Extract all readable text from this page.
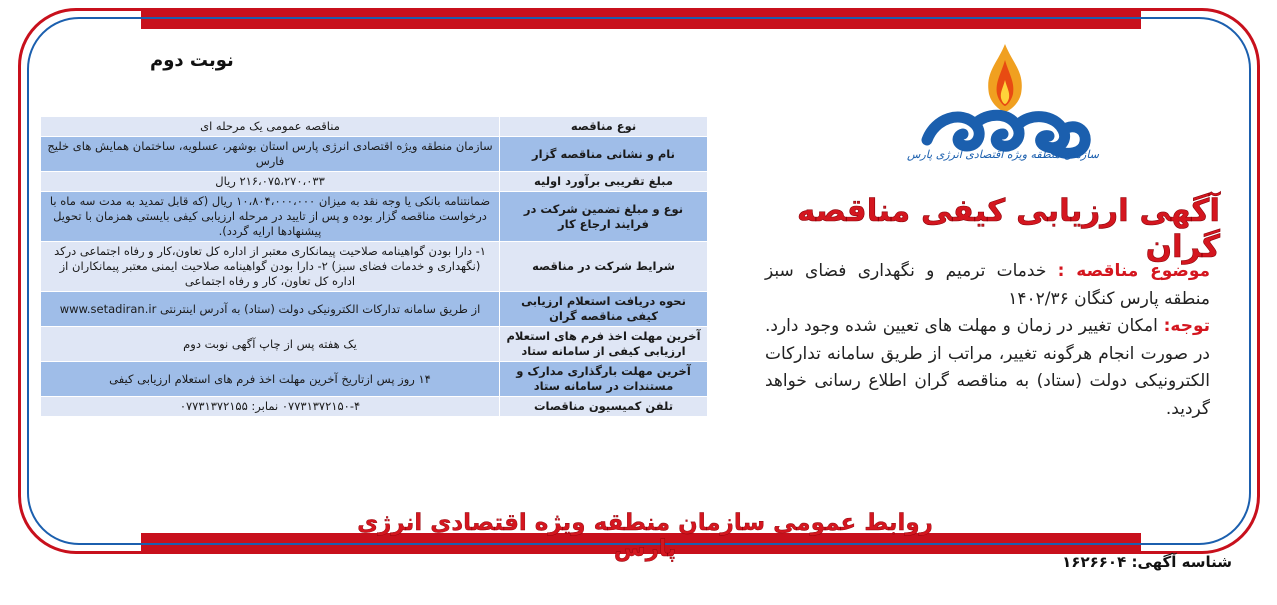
نوبت دوم
سازمان منطقه ویژه اقتصادی انرژی پارس
آگهی ارزیابی کیفی مناقصه گران
موضوع مناقصه : خدمات ترمیم و نگهداری فضای سبز منطقه پارس کنگان ۱۴۰۲/۳۶
توجه: امکان تغییر در زمان و مهلت های تعیین شده وجود دارد. در صورت انجام هرگونه تغییر، مراتب از طریق سامانه تدارکات الکترونیکی دولت (ستاد) به مناقصه گران اطلاع رسانی خواهد گردید.
نوع مناقصه	مناقصه عمومی یک مرحله ای
نام و نشانی مناقصه گزار	سازمان منطقه ویژه اقتصادی انرژی پارس استان بوشهر، عسلویه، ساختمان همایش های خلیج فارس
مبلغ تقریبی برآورد اولیه	۲۱۶،۰۷۵،۲۷۰،۰۳۳ ریال
نوع و مبلغ تضمین شرکت در فرایند ارجاع کار	ضمانتنامه بانکی یا وجه نقد به میزان ۱۰،۸۰۴،۰۰۰،۰۰۰ ریال (که قابل تمدید به مدت سه ماه با درخواست مناقصه گزار بوده و پس از تایید در مرحله ارزیابی کیفی بایستی همزمان با تحویل پیشنهادها ارایه گردد).
شرایط شرکت در مناقصه	۱- دارا بودن گواهینامه صلاحیت پیمانکاری معتبر از اداره کل تعاون،کار و رفاه اجتماعی درکد (نگهداری و خدمات فضای سبز) ۲- دارا بودن گواهینامه صلاحیت ایمنی معتبر پیمانکاران از اداره کل تعاون، کار و رفاه اجتماعی
نحوه دریافت استعلام ارزیابی کیفی مناقصه گران	از طریق سامانه تدارکات الکترونیکی دولت (ستاد) به آدرس اینترنتی www.setadiran.ir
آخرین مهلت اخذ فرم های استعلام ارزیابی کیفی از سامانه ستاد	یک هفته پس از چاپ آگهی نوبت دوم
آخرین مهلت بارگذاری مدارک و مستندات در سامانه ستاد	۱۴ روز پس ازتاریخ آخرین مهلت اخذ فرم های استعلام ارزیابی کیفی
تلفن کمیسیون مناقصات	۰۷۷۳۱۳۷۲۱۵۰-۴ نمابر: ۰۷۷۳۱۳۷۲۱۵۵
روابط عمومی سازمان منطقه ویژه اقتصادی انرژی پارس	شناسه آگهی: ۱۶۲۶۶۰۴
